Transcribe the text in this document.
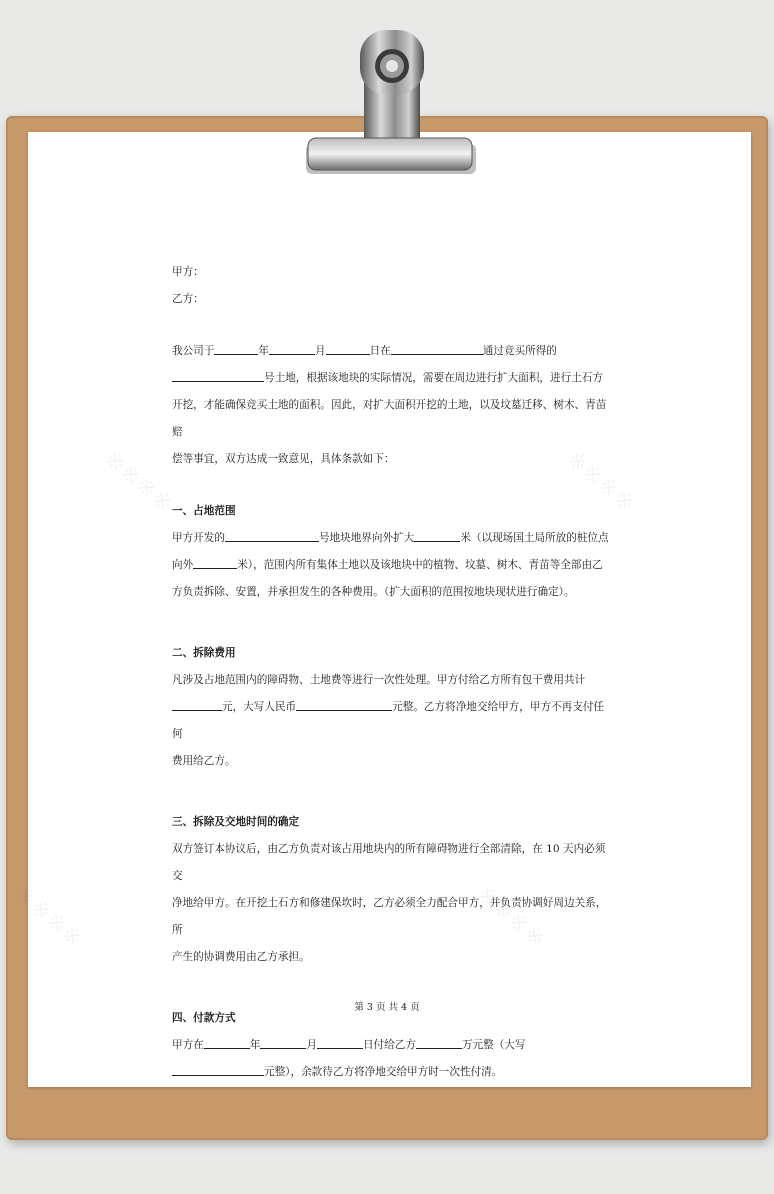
※※※※	※※※※
※※※※	※※※※

甲方：

乙方：

我公司于	年	月	日在	通过竞买所得的

号土地，根据该地块的实际情况，需要在周边进行扩大面积，进行土石方

开挖，才能确保竞买土地的面积。因此，对扩大面积开挖的土地，以及坟墓迁移、树木、青苗赔

偿等事宜，双方达成一致意见，具体条款如下：

一、占地范围

甲方开发的	号地块地界向外扩大	米（以现场国土局所放的桩位点

向外	米），范围内所有集体土地以及该地块中的植物、坟墓、树木、青苗等全部由乙

方负责拆除、安置，并承担发生的各种费用。（扩大面积的范围按地块现状进行确定）。

二、拆除费用

凡涉及占地范围内的障碍物、土地费等进行一次性处理。甲方付给乙方所有包干费用共计

元，大写人民币	元整。乙方将净地交给甲方，甲方不再支付任何

费用给乙方。

三、拆除及交地时间的确定

双方签订本协议后，由乙方负责对该占用地块内的所有障碍物进行全部清除，在 10 天内必须交

净地给甲方。在开挖土石方和修建保坎时，乙方必须全力配合甲方，并负责协调好周边关系，所

产生的协调费用由乙方承担。

四、付款方式

甲方在	年	月	日付给乙方	万元整（大写

元整），余款待乙方将净地交给甲方时一次性付清。

第 3 页 共 4 页
